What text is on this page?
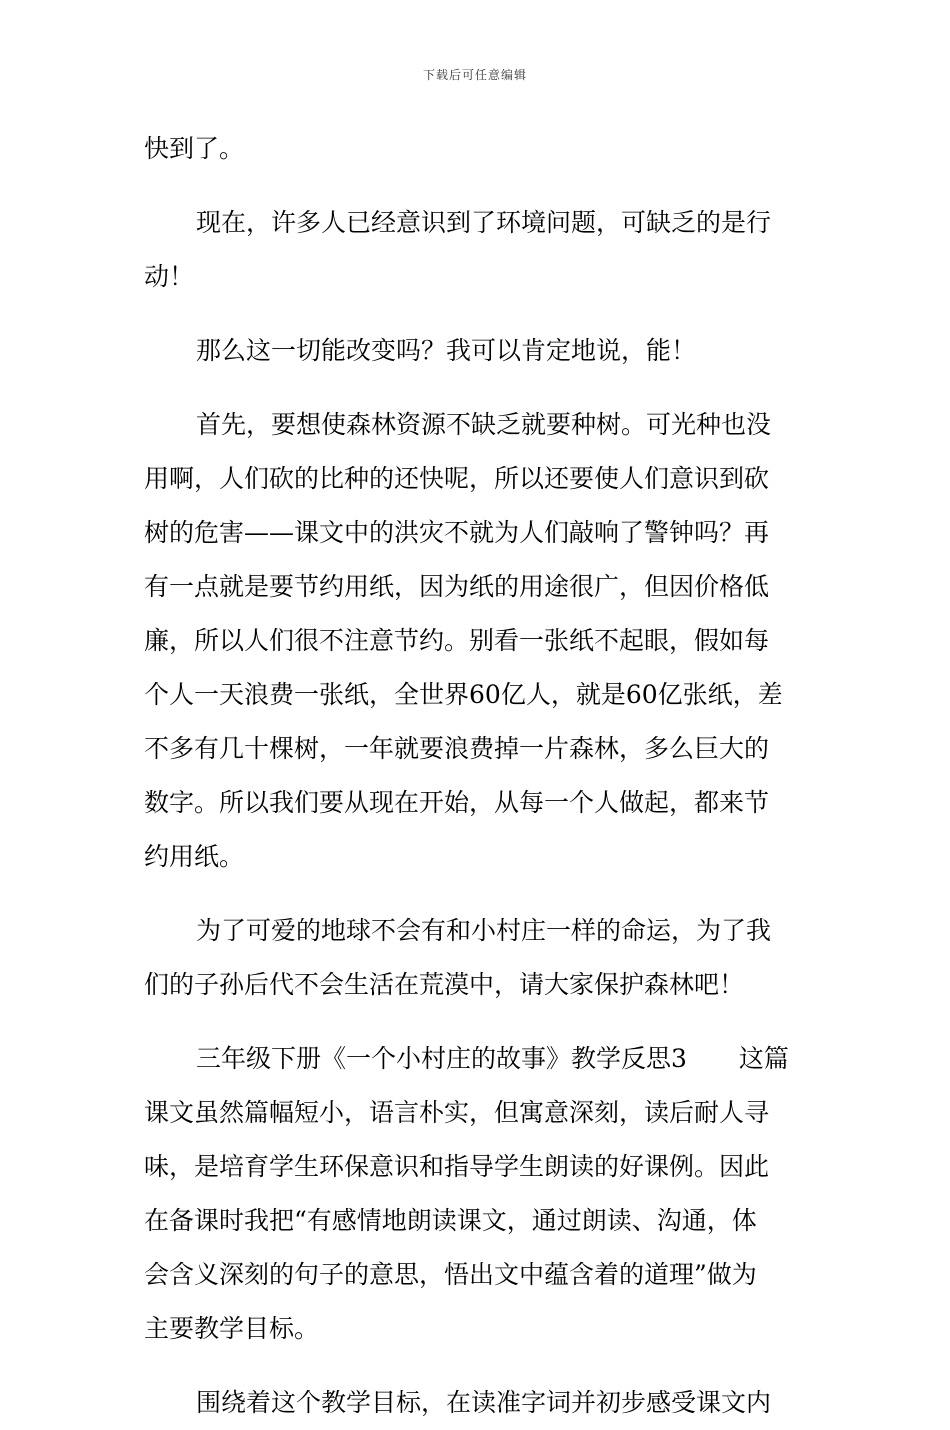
下载后可任意编辑
快到了。
现在，许多人已经意识到了环境问题，可缺乏的是行
动！
那么这一切能改变吗？我可以肯定地说，能！
首先，要想使森林资源不缺乏就要种树。可光种也没
用啊，人们砍的比种的还快呢，所以还要使人们意识到砍
树的危害——课文中的洪灾不就为人们敲响了警钟吗？再
有一点就是要节约用纸，因为纸的用途很广，但因价格低
廉，所以人们很不注意节约。别看一张纸不起眼，假如每
个人一天浪费一张纸，全世界60亿人，就是60亿张纸，差
不多有几十棵树，一年就要浪费掉一片森林，多么巨大的
数字。所以我们要从现在开始，从每一个人做起，都来节
约用纸。
为了可爱的地球不会有和小村庄一样的命运，为了我
们的子孙后代不会生活在荒漠中，请大家保护森林吧！
三年级下册《一个小村庄的故事》教学反思3 这篇
课文虽然篇幅短小，语言朴实，但寓意深刻，读后耐人寻
味，是培育学生环保意识和指导学生朗读的好课例。因此
在备课时我把“有感情地朗读课文，通过朗读、沟通，体
会含义深刻的句子的意思，悟出文中蕴含着的道理”做为
主要教学目标。
围绕着这个教学目标，在读准字词并初步感受课文内
